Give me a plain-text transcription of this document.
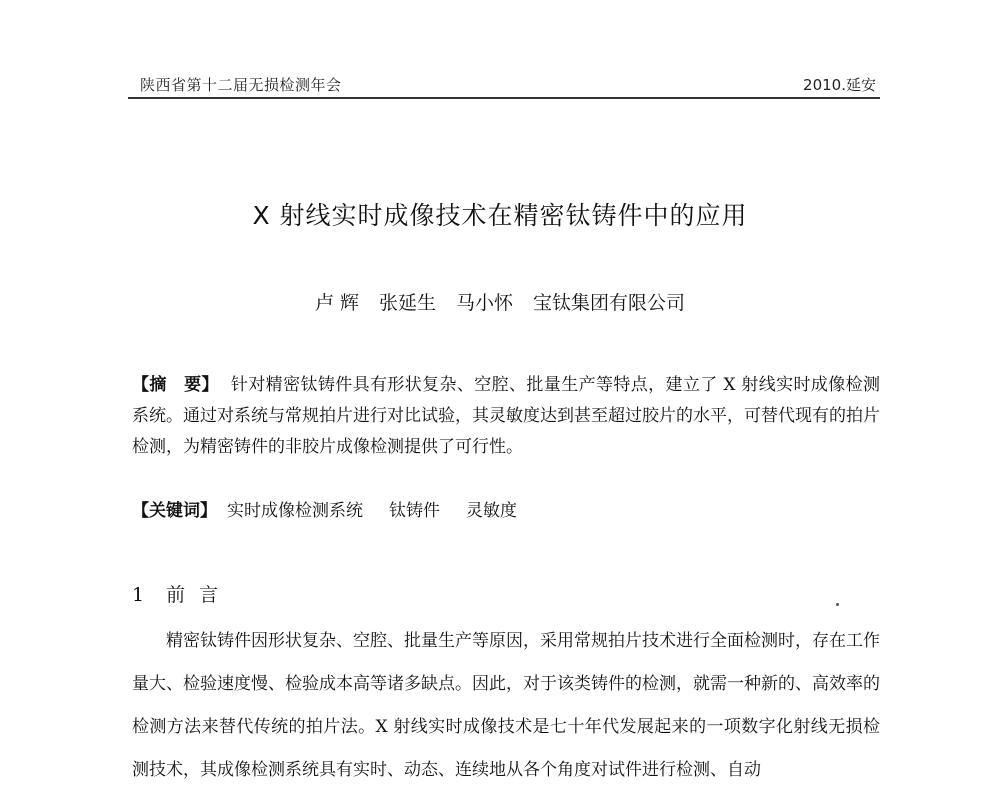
陕西省第十二届无损检测年会	2010.延安
X 射线实时成像技术在精密钛铸件中的应用
卢 辉 张延生 马小怀 宝钛集团有限公司
【摘　要】 针对精密钛铸件具有形状复杂、空腔、批量生产等特点，建立了 X 射线实时成像检测系统。通过对系统与常规拍片进行对比试验，其灵敏度达到甚至超过胶片的水平，可替代现有的拍片检测，为精密铸件的非胶片成像检测提供了可行性。
【关键词】 实时成像检测系统 钛铸件 灵敏度
1 前言

精密钛铸件因形状复杂、空腔、批量生产等原因，采用常规拍片技术进行全面检测时，存在工作量大、检验速度慢、检验成本高等诸多缺点。因此，对于该类铸件的检测，就需一种新的、高效率的检测方法来替代传统的拍片法。X 射线实时成像技术是七十年代发展起来的一项数字化射线无损检测技术，其成像检测系统具有实时、动态、连续地从各个角度对试件进行检测、自动
